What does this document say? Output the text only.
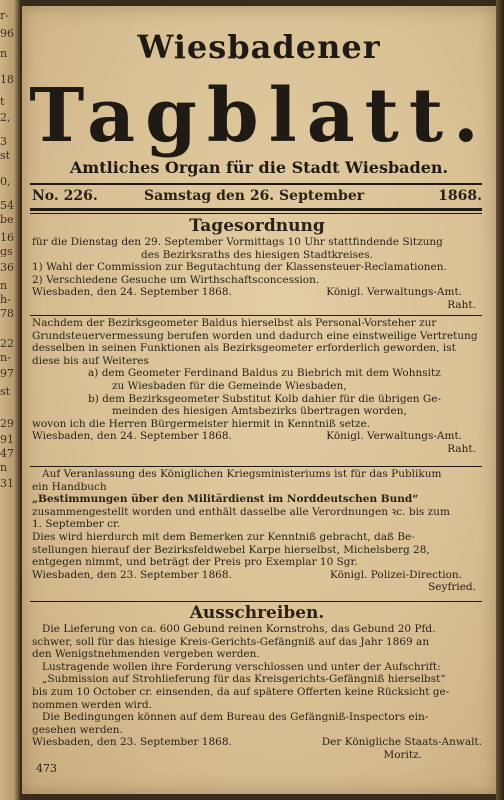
r-
96
n
18
t
2,
3
st
0,
54
be
16
gs
36
n
h-
78
22
n-
97
st
29
91
47
n
31
Wiesbadener
Tagblatt.
Amtliches Organ für die Stadt Wiesbaden.
No. 226.	Samstag den 26. September	1868.
Tagesordnung
für die Dienstag den 29. September Vormittags 10 Uhr stattfindende Sitzung
des Bezirksraths des hiesigen Stadtkreises.
1) Wahl der Commission zur Begutachtung der Klassensteuer-Reclamationen.
2) Verschiedene Gesuche um Wirthschaftsconcession.
Wiesbaden, den 24. September 1868.	Königl. Verwaltungs-Amt.
Raht.
Nachdem der Bezirksgeometer Baldus hierselbst als Personal-Vorsteher zur
Grundsteuervermessung berufen worden und dadurch eine einstweilige Vertretung
desselben in seinen Funktionen als Bezirksgeometer erforderlich geworden, ist
diese bis auf Weiteres
a) dem Geometer Ferdinand Baldus zu Biebrich mit dem Wohnsitz
zu Wiesbaden für die Gemeinde Wiesbaden,
b) dem Bezirksgeometer Substitut Kolb dahier für die übrigen Ge-
meinden des hiesigen Amtsbezirks übertragen worden,
wovon ich die Herren Bürgermeister hiermit in Kenntniß setze.
Wiesbaden, den 24. September 1868.	Königl. Verwaltungs-Amt.
Raht.
Auf Veranlassung des Königlichen Kriegsministeriums ist für das Publikum
ein Handbuch
„Bestimmungen über den Militärdienst im Norddeutschen Bund“
zusammengestellt worden und enthält dasselbe alle Verordnungen ꝛc. bis zum
1. September cr.
Dies wird hierdurch mit dem Bemerken zur Kenntniß gebracht, daß Be-
stellungen hierauf der Bezirksfeldwebel Karpe hierselbst, Michelsberg 28,
entgegen nimmt, und beträgt der Preis pro Exemplar 10 Sgr.
Wiesbaden, den 23. September 1868.	Königl. Polizei-Direction.
Seyfried.
Ausschreiben.
Die Lieferung von ca. 600 Gebund reinen Kornstrohs, das Gebund 20 Pfd.
schwer, soll für das hiesige Kreis-Gerichts-Gefängniß auf das Jahr 1869 an
den Wenigstnehmenden vergeben werden.
Lustragende wollen ihre Forderung verschlossen und unter der Aufschrift:
„Submission auf Strohlieferung für das Kreisgerichts-Gefängniß hierselbst“
bis zum 10 October cr. einsenden, da auf spätere Offerten keine Rücksicht ge-
nommen werden wird.
Die Bedingungen können auf dem Bureau des Gefängniß-Inspectors ein-
gesehen werden.
Wiesbaden, den 23. September 1868.	Der Königliche Staats-Anwalt.
Moritz.
473
